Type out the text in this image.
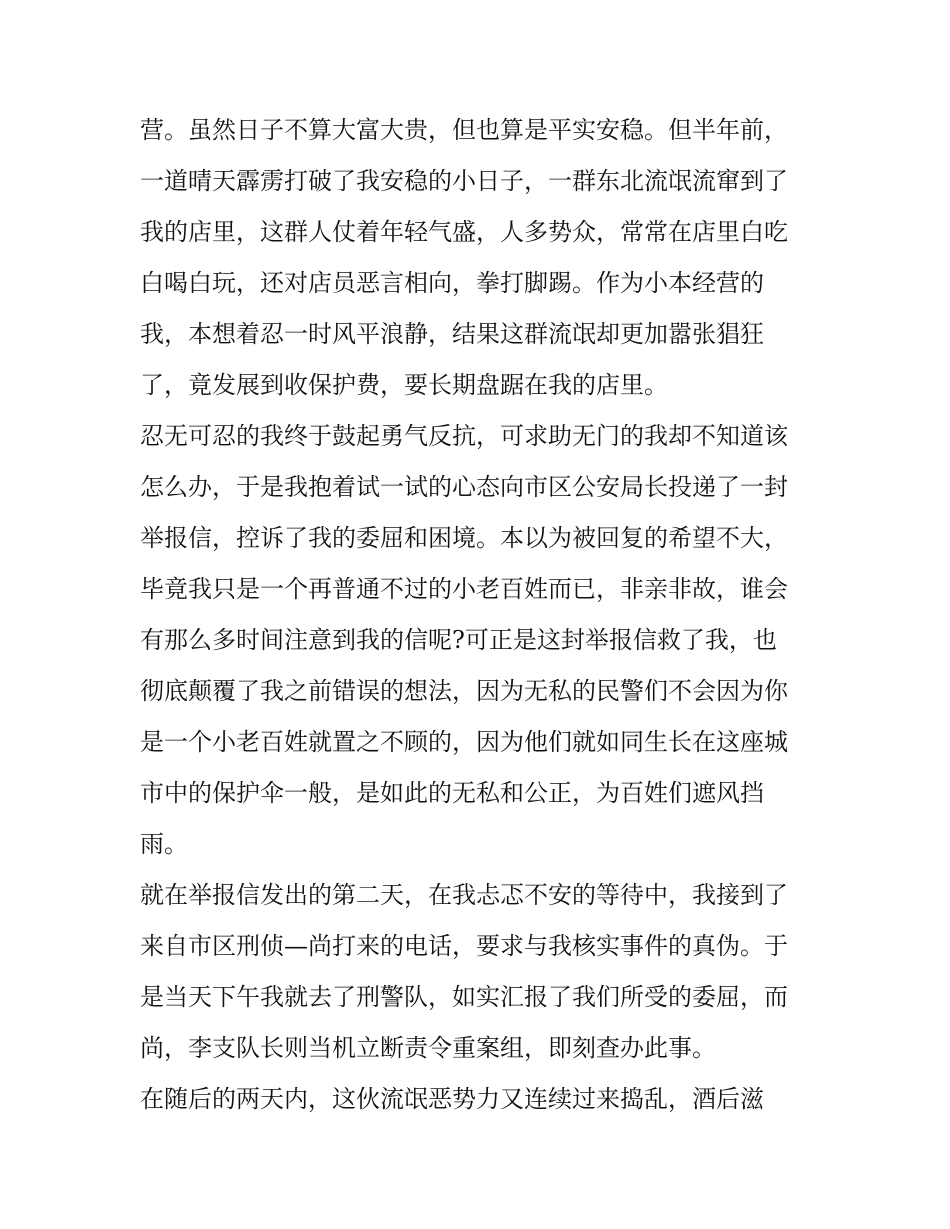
营。虽然日子不算大富大贵，但也算是平实安稳。但半年前，
一道晴天霹雳打破了我安稳的小日子，一群东北流氓流窜到了
我的店里，这群人仗着年轻气盛，人多势众，常常在店里白吃
白喝白玩，还对店员恶言相向，拳打脚踢。作为小本经营的
我，本想着忍一时风平浪静，结果这群流氓却更加嚣张猖狂
了，竟发展到收保护费，要长期盘踞在我的店里。
忍无可忍的我终于鼓起勇气反抗，可求助无门的我却不知道该
怎么办，于是我抱着试一试的心态向市区公安局长投递了一封
举报信，控诉了我的委屈和困境。本以为被回复的希望不大，
毕竟我只是一个再普通不过的小老百姓而已，非亲非故，谁会
有那么多时间注意到我的信呢?可正是这封举报信救了我，也
彻底颠覆了我之前错误的想法，因为无私的民警们不会因为你
是一个小老百姓就置之不顾的，因为他们就如同生长在这座城
市中的保护伞一般，是如此的无私和公正，为百姓们遮风挡
雨。
就在举报信发出的第二天，在我忐忑不安的等待中，我接到了
来自市区刑侦—尚打来的电话，要求与我核实事件的真伪。于
是当天下午我就去了刑警队，如实汇报了我们所受的委屈，而
尚，李支队长则当机立断责令重案组，即刻查办此事。
在随后的两天内，这伙流氓恶势力又连续过来捣乱，酒后滋
